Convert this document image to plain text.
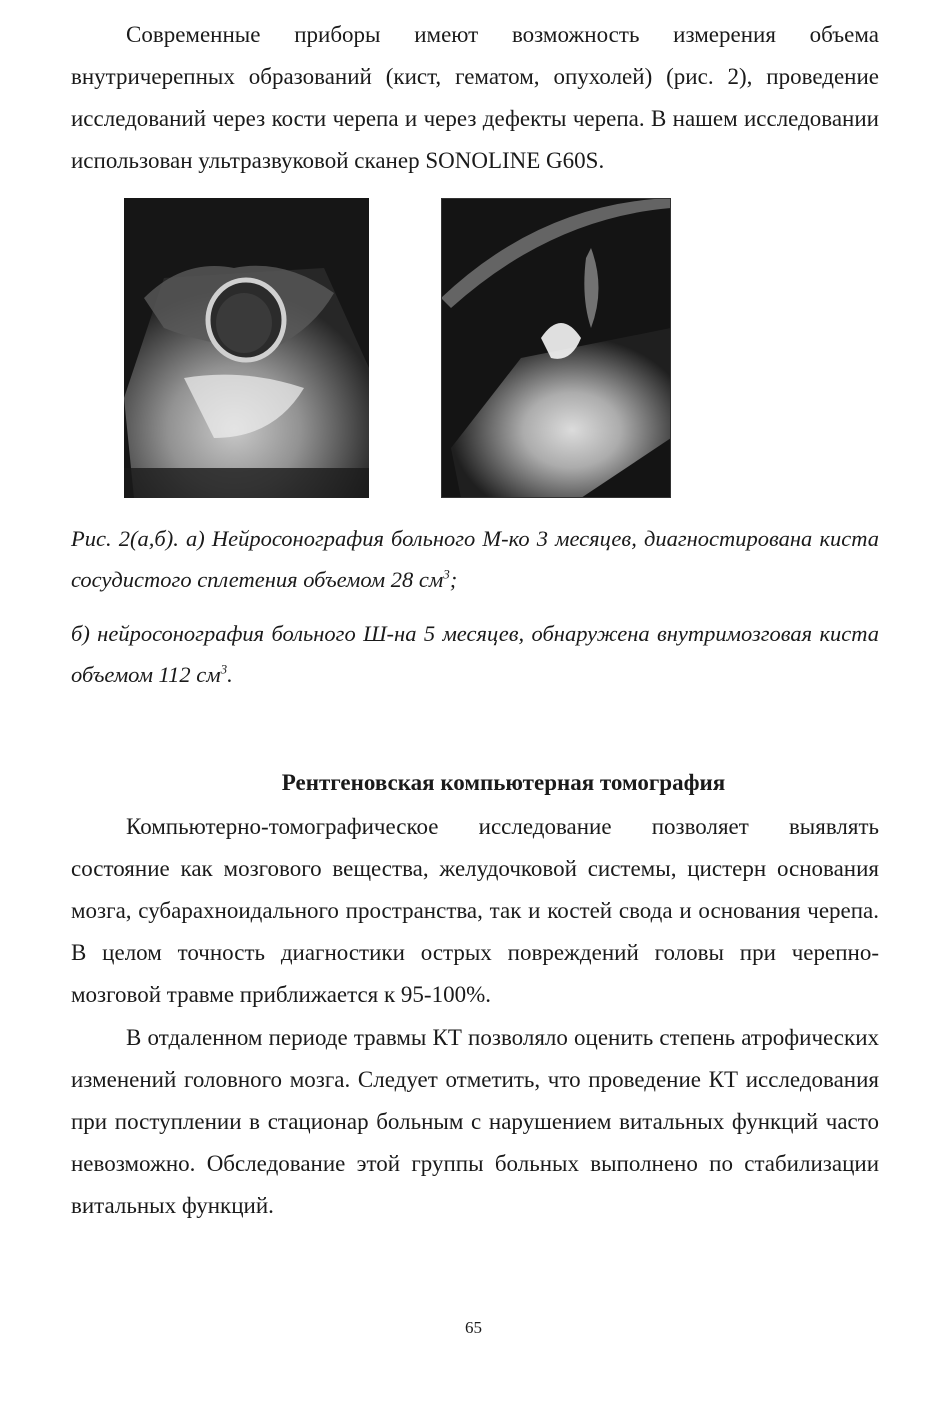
Современные приборы имеют возможность измерения объема внутричерепных образований (кист, гематом, опухолей) (рис. 2), проведение исследований через кости черепа и через дефекты черепа. В нашем исследовании использован ультразвуковой сканер SONOLINE G60S.

Рис. 2(а,б). а) Нейросонография больного М-ко 3 месяцев, диагностирована киста сосудистого сплетения объемом 28 $см^3$;

б) нейросонография больного Ш-на 5 месяцев, обнаружена внутримозговая киста объемом 112 $см^3$.

Рентгеновская компьютерная томография

Компьютерно-томографическое исследование позволяет выявлять состояние как мозгового вещества, желудочковой системы, цистерн основания мозга, субарахноидального пространства, так и костей свода и основания черепа. В целом точность диагностики острых повреждений головы при черепно-мозговой травме приближается к 95-100%.

В отдаленном периоде травмы КТ позволяло оценить степень атрофических изменений головного мозга. Следует отметить, что проведение КТ исследования при поступлении в стационар больным с нарушением витальных функций часто невозможно. Обследование этой группы больных выполнено по стабилизации витальных функций.

65
